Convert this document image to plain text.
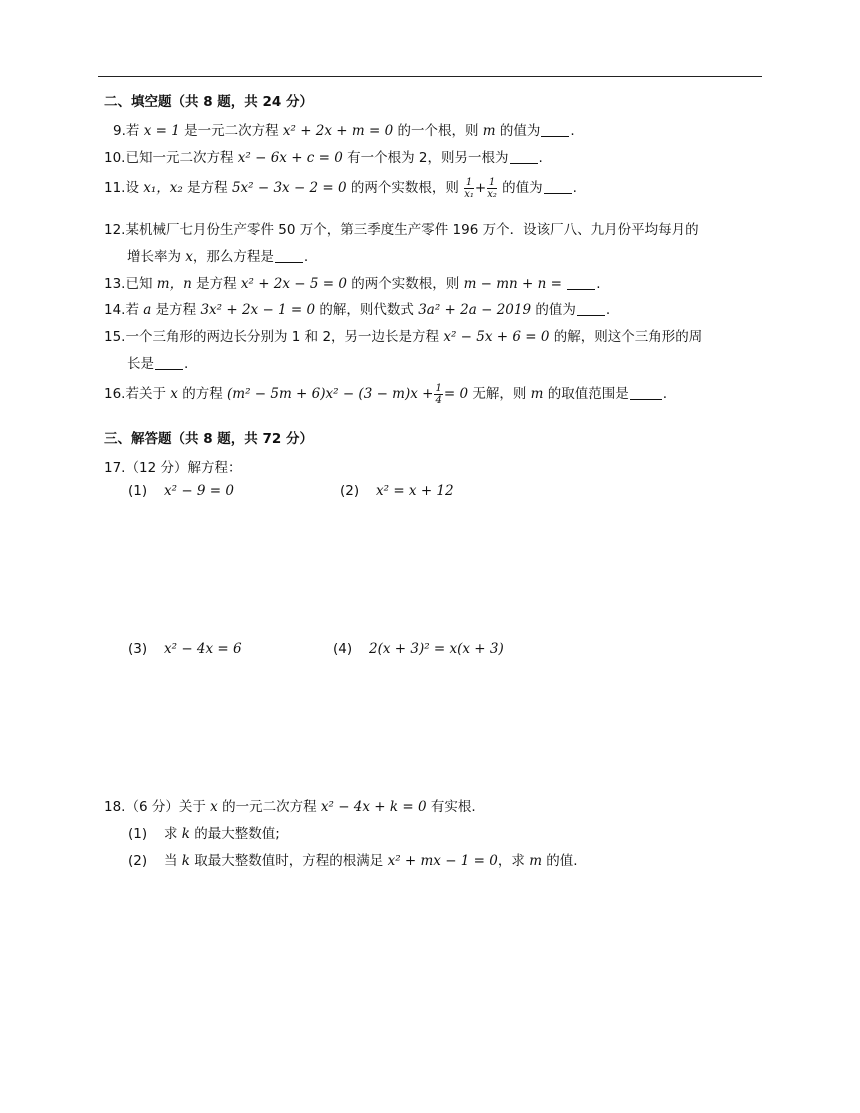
二、填空题（共 8 题，共 24 分）
9.若 x = 1 是一元二次方程 x² + 2x + m = 0 的一个根，则 m 的值为 .
10.已知一元二次方程 x² − 6x + c = 0 有一个根为 2，则另一根为 .
11.设 x₁，x₂ 是方程 5x² − 3x − 2 = 0 的两个实数根，则 $\frac{1}{\text{x₁}} + \frac{1}{\text{x₂}}$ 的值为 .
12.某机械厂七月份生产零件 50 万个，第三季度生产零件 196 万个．设该厂八、九月份平均每月的
增长率为 x，那么方程是 .
13.已知 m，n 是方程 x² + 2x − 5 = 0 的两个实数根，则 m − mn + n =	.
14.若 a 是方程 3x² + 2x − 1 = 0 的解，则代数式 3a² + 2a − 2019 的值为 .
15.一个三角形的两边长分别为 1 和 2，另一边长是方程 x² − 5x + 6 = 0 的解，则这个三角形的周
长是 .
16.若关于 x 的方程 $(m^2 - 5m + 6)x^2 - (3 - m)x + \frac{1}{4} = 0$ 无解，则 m 的取值范围是	.
三、解答题（共 8 题，共 72 分）
17.（12 分）解方程：
(1) x² − 9 = 0	(2) x² = x + 12
(3) x² − 4x = 6	(4) 2(x + 3)² = x(x + 3)
18.（6 分）关于 x 的一元二次方程 x² − 4x + k = 0 有实根.
(1) 求 k 的最大整数值;
(2) 当 k 取最大整数值时，方程的根满足 x² + mx − 1 = 0，求 m 的值.
